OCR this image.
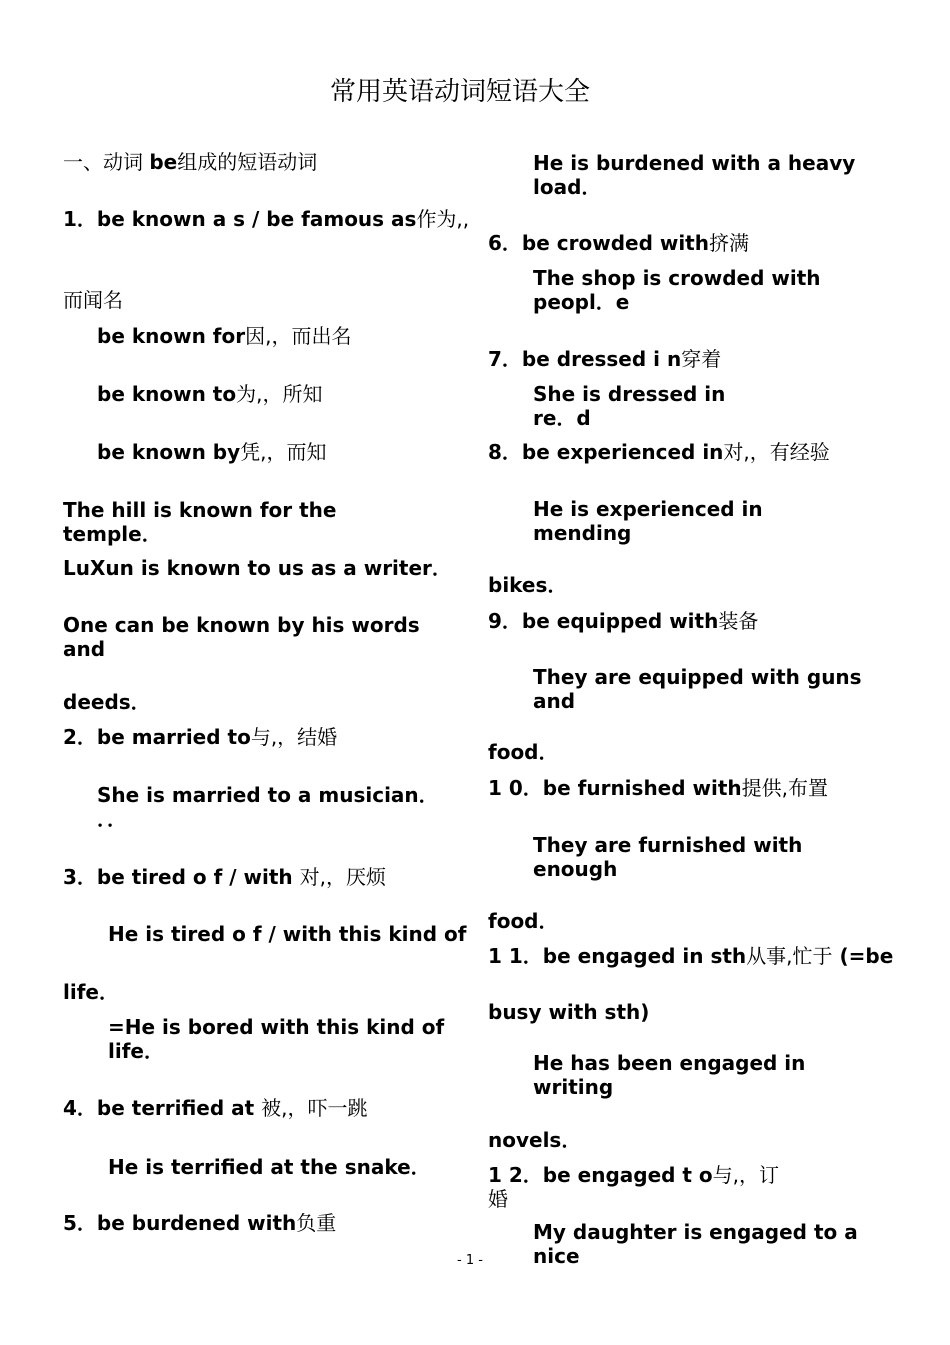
常用英语动词短语大全
一、动词 be组成的短语动词
1．be known a s / be famous as作为,,
而闻名
be known for因,，而出名
be known to为,，所知
be known by凭,，而知
The hill is known for the
temple．
LuXun is known to us as a writer．
One can be known by his words
and
deeds．
2．be married to与,，结婚
She is married to a musician．
．．
3．be tired o f / with 对,，厌烦
He is tired o f / with this kind of
life．
=He is bored with this kind of
life．
4．be terrified at 被,，吓一跳
He is terrified at the snake．
5．be burdened with负重
He is burdened with a heavy
load．
6．be crowded with挤满
The shop is crowded with
peopl．e
7．be dressed i n穿着
She is dressed in
re．d
8．be experienced in对,，有经验
He is experienced in
mending
bikes．
9．be equipped with装备
They are equipped with guns
and
food．
1 0．be furnished with提供,布置
They are furnished with
enough
food．
1 1．be engaged in sth从事,忙于 (=be
busy with sth)
He has been engaged in
writing
novels．
1 2．be engaged t o与,，订
婚
My daughter is engaged to a
nice
- 1 -
